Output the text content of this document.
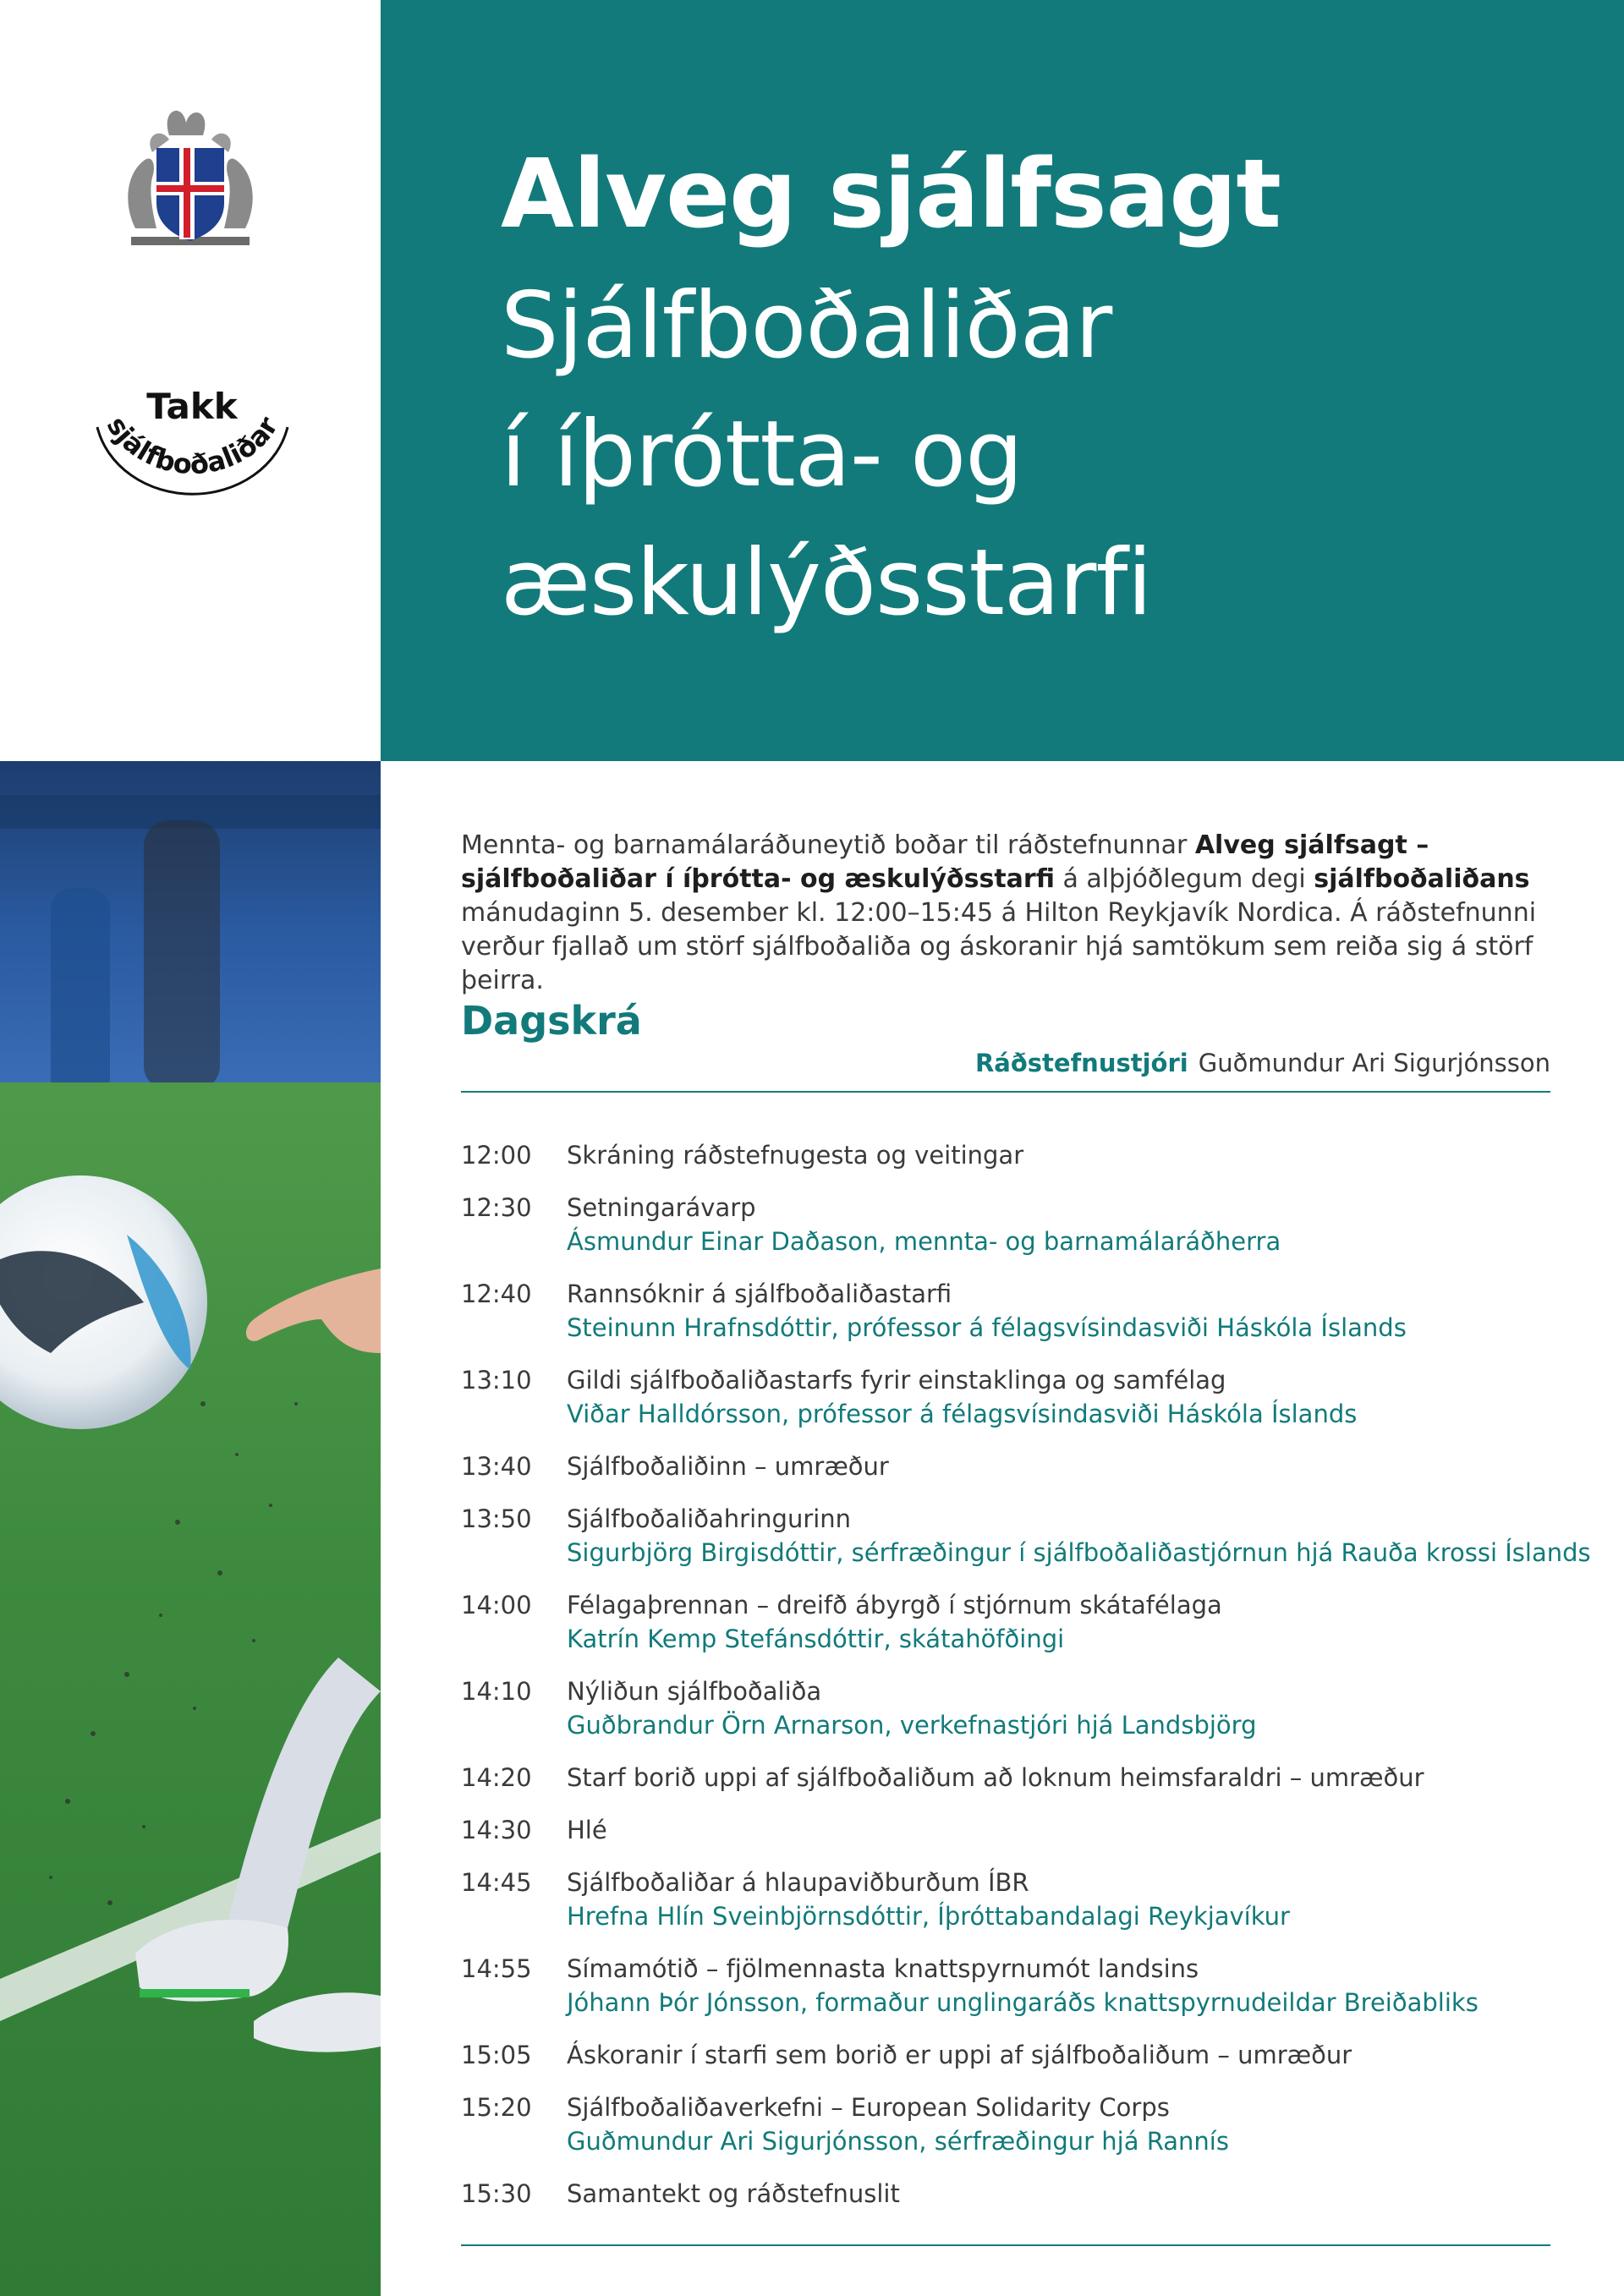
Takk
sjálfboðaliðar
Alveg sjálfsagt
Sjálfboðaliðar
í íþrótta- og
æskulýðsstarfi

Mennta- og barnamálaráðuneytið boðar til ráðstefnunnar Alveg sjálfsagt – sjálfboðaliðar í íþrótta- og æskulýðsstarfi á alþjóðlegum degi sjálfboðaliðans mánudaginn 5. desember kl. 12:00–15:45 á Hilton Reykjavík Nordica. Á ráðstefnunni verður fjallað um störf sjálfboðaliða og áskoranir hjá samtökum sem reiða sig á störf þeirra.

Dagskrá
Ráðstefnustjóri Guðmundur Ari Sigurjónsson
12:00 Skráning ráðstefnugesta og veitingar
12:30 Setningarávarp
Ásmundur Einar Daðason, mennta- og barnamálaráðherra
12:40 Rannsóknir á sjálfboðaliðastarfi
Steinunn Hrafnsdóttir, prófessor á félagsvísindasviði Háskóla Íslands
13:10 Gildi sjálfboðaliðastarfs fyrir einstaklinga og samfélag
Viðar Halldórsson, prófessor á félagsvísindasviði Háskóla Íslands
13:40 Sjálfboðaliðinn – umræður
13:50 Sjálfboðaliðahringurinn
Sigurbjörg Birgisdóttir, sérfræðingur í sjálfboðaliðastjórnun hjá Rauða krossi Íslands
14:00 Félagaþrennan – dreifð ábyrgð í stjórnum skátafélaga
Katrín Kemp Stefánsdóttir, skátahöfðingi
14:10 Nýliðun sjálfboðaliða
Guðbrandur Örn Arnarson, verkefnastjóri hjá Landsbjörg
14:20 Starf borið uppi af sjálfboðaliðum að loknum heimsfaraldri – umræður
14:30 Hlé
14:45 Sjálfboðaliðar á hlaupaviðburðum ÍBR
Hrefna Hlín Sveinbjörnsdóttir, Íþróttabandalagi Reykjavíkur
14:55 Símamótið – fjölmennasta knattspyrnumót landsins
Jóhann Þór Jónsson, formaður unglingaráðs knattspyrnudeildar Breiðabliks
15:05 Áskoranir í starfi sem borið er uppi af sjálfboðaliðum – umræður
15:20 Sjálfboðaliðaverkefni – European Solidarity Corps
Guðmundur Ari Sigurjónsson, sérfræðingur hjá Rannís
15:30 Samantekt og ráðstefnuslit
